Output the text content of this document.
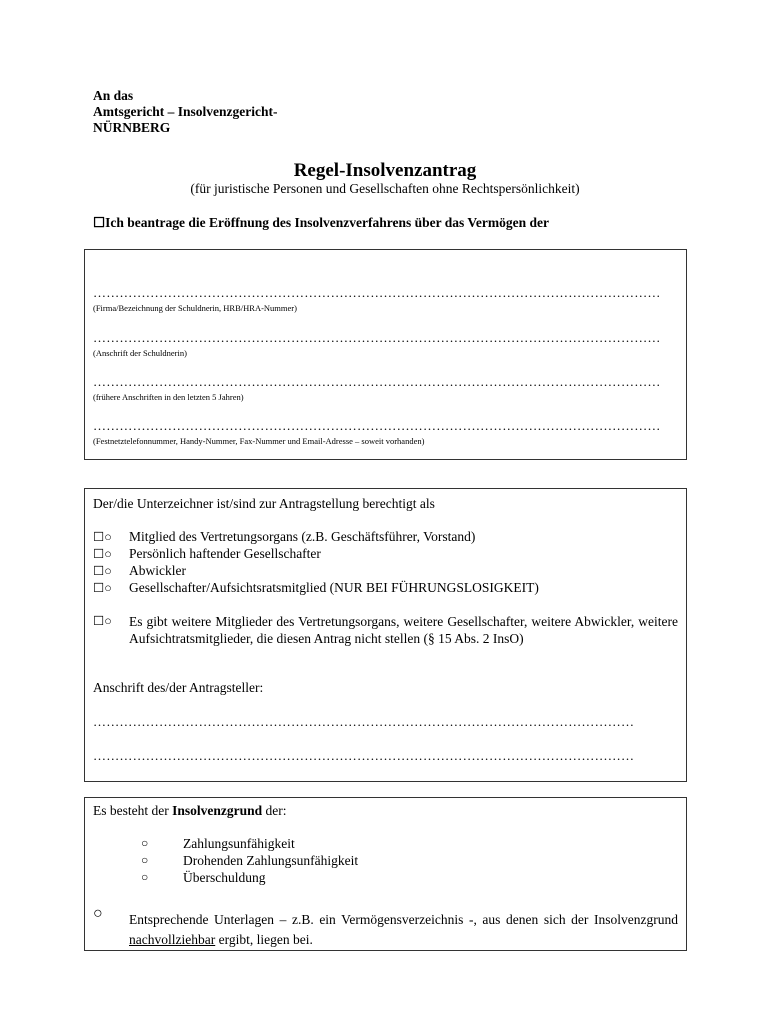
An das
Amtsgericht – Insolvenzgericht-
NÜRNBERG
Regel-Insolvenzantrag
(für juristische Personen und Gesellschaften ohne Rechtspersönlichkeit)
☐Ich beantrage die Eröffnung des Insolvenzverfahrens über das Vermögen der
…………………………………………………………………………………………………………………
(Firma/Bezeichnung der Schuldnerin, HRB/HRA-Nummer)
…………………………………………………………………………………………………………………
(Anschrift der Schuldnerin)
…………………………………………………………………………………………………………………
(frühere Anschriften in den letzten 5 Jahren)
…………………………………………………………………………………………………………………
(Festnetztelefonnummer, Handy-Nummer, Fax-Nummer und Email-Adresse – soweit vorhanden)
Der/die Unterzeichner ist/sind zur Antragstellung berechtigt als
☐○ Mitglied des Vertretungsorgans (z.B. Geschäftsführer, Vorstand)
☐○ Persönlich haftender Gesellschafter
☐○ Abwickler
☐○ Gesellschafter/Aufsichtsratsmitglied (NUR BEI FÜHRUNGSLOSIGKEIT)
☐○ Es gibt weitere Mitglieder des Vertretungsorgans, weitere Gesellschafter, weitere Abwickler, weitere Aufsichtratsmitglieder, die diesen Antrag nicht stellen (§ 15 Abs. 2 InsO)
Anschrift des/der Antragsteller:
……………………………………………………………………………………………………………
……………………………………………………………………………………………………………
Es besteht der Insolvenzgrund der:
○	Zahlungsunfähigkeit
○	Drohenden Zahlungsunfähigkeit
○	Überschuldung
○ Entsprechende Unterlagen – z.B. ein Vermögensverzeichnis -, aus denen sich der Insolvenzgrund nachvollziehbar ergibt, liegen bei.
